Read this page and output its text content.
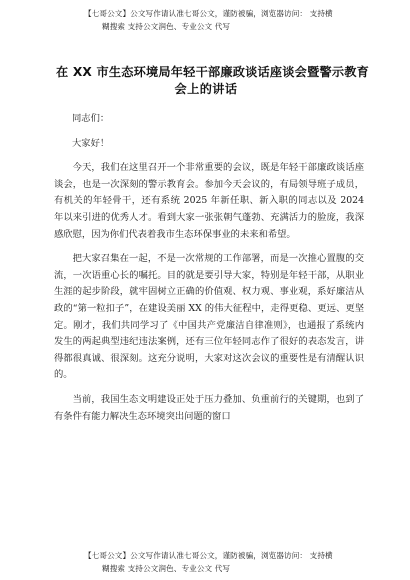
【七哥公文】公文写作请认准七哥公文，谨防被骗，浏览器访问： 支持横
糊搜索 支持公文润色、专业公文 代写
在 XX 市生态环境局年轻干部廉政谈话座谈会暨警示教育
会上的讲话

同志们：

大家好！

今天，我们在这里召开一个非常重要的会议，既是年轻干部廉政谈话座谈会，也是一次深刻的警示教育会。参加今天会议的，有局领导班子成员，有机关的年轻骨干，还有系统 2025 年新任职、新入职的同志以及 2024 年以来引进的优秀人才。看到大家一张张朝气蓬勃、充满活力的脸庞，我深感欣慰，因为你们代表着我市生态环保事业的未来和希望。

把大家召集在一起，不是一次常规的工作部署，而是一次推心置腹的交流，一次语重心长的嘱托。目的就是要引导大家，特别是年轻干部，从职业生涯的起步阶段，就牢固树立正确的价值观、权力观、事业观，系好廉洁从政的“第一粒扣子”，在建设美丽 XX 的伟大征程中，走得更稳、更远、更坚定。刚才，我们共同学习了《中国共产党廉洁自律准则》，也通报了系统内发生的两起典型违纪违法案例，还有三位年轻同志作了很好的表态发言，讲得都很真诚、很深刻。这充分说明，大家对这次会议的重要性是有清醒认识的。

当前，我国生态文明建设正处于压力叠加、负重前行的关键期，也到了有条件有能力解决生态环境突出问题的窗口

【七哥公文】公文写作请认准七哥公文，谨防被骗，浏览器访问： 支持横
糊搜索 支持公文润色、专业公文 代写
